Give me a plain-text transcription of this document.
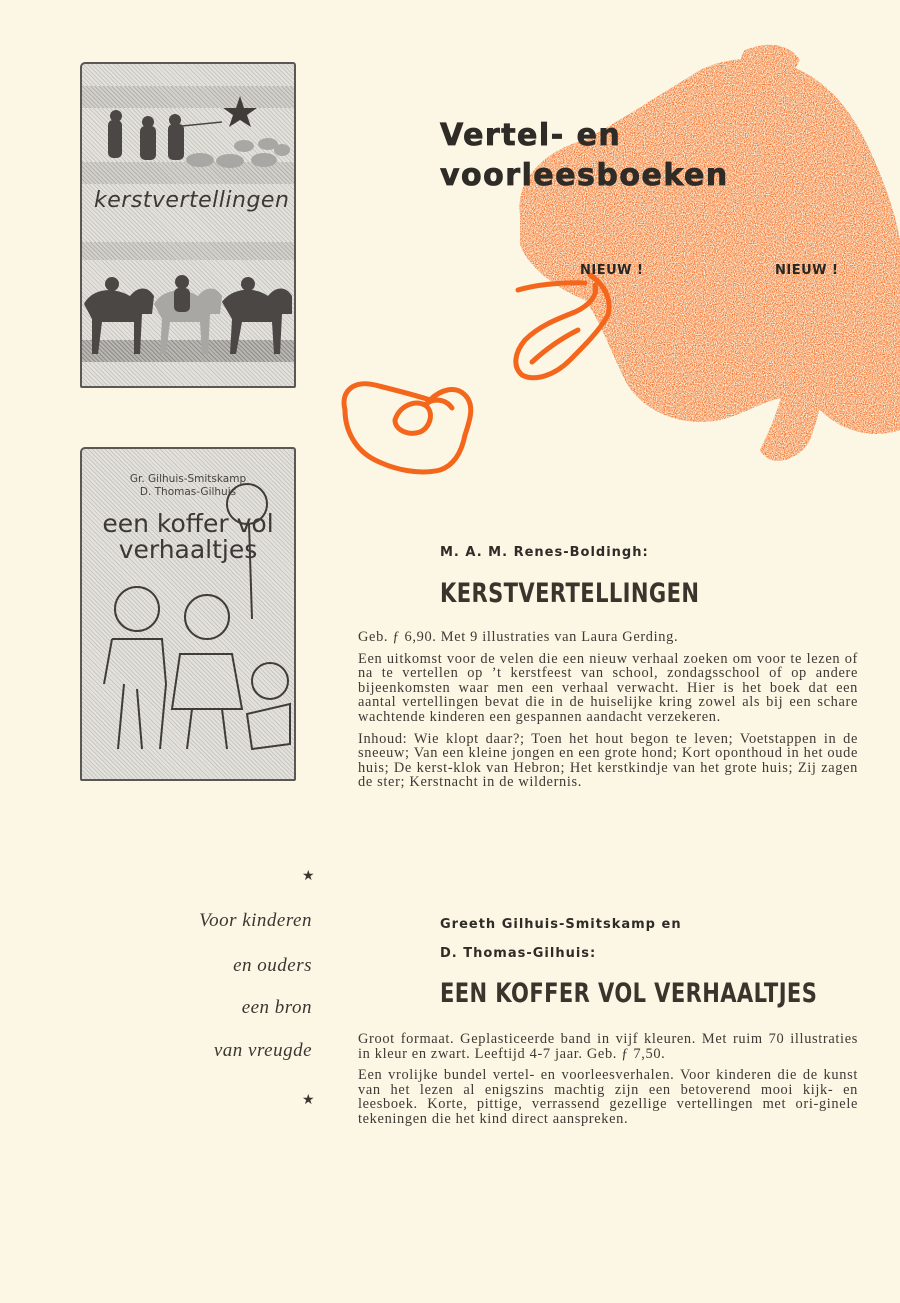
Vertel- en
voorleesboeken
NIEUW !	NIEUW !
kerstvertellingen
Gr. Gilhuis-Smitskamp
D. Thomas-Gilhuis
een koffer vol
verhaaltjes	M. A. M. Renes-Boldingh:
KERSTVERTELLINGEN

Geb. ƒ 6,90. Met 9 illustraties van Laura Gerding.

Een uitkomst voor de velen die een nieuw verhaal zoeken om voor te lezen of na te vertellen op ’t kerstfeest van school, zondagsschool of op andere bijeenkomsten waar men een verhaal verwacht. Hier is het boek dat een aantal vertellingen bevat die in de huiselijke kring zowel als bij een schare wachtende kinderen een gespannen aandacht verzekeren.

Inhoud: Wie klopt daar?; Toen het hout begon te leven; Voetstappen in de sneeuw; Van een kleine jongen en een grote hond; Kort oponthoud in het oude huis; De kerst-klok van Hebron; Het kerstkindje van het grote huis; Zij zagen de ster; Kerstnacht in de wildernis.

★
Voor kinderen
en ouders
een bron
van vreugde
★
Greeth Gilhuis-Smitskamp en
D. Thomas-Gilhuis:
EEN KOFFER VOL VERHAALTJES

Groot formaat. Geplasticeerde band in vijf kleuren. Met ruim 70 illustraties in kleur en zwart. Leeftijd 4-7 jaar. Geb. ƒ 7,50.

Een vrolijke bundel vertel- en voorleesverhalen. Voor kinderen die de kunst van het lezen al enigszins machtig zijn een betoverend mooi kijk- en leesboek. Korte, pittige, verrassend gezellige vertellingen met ori-ginele tekeningen die het kind direct aanspreken.
